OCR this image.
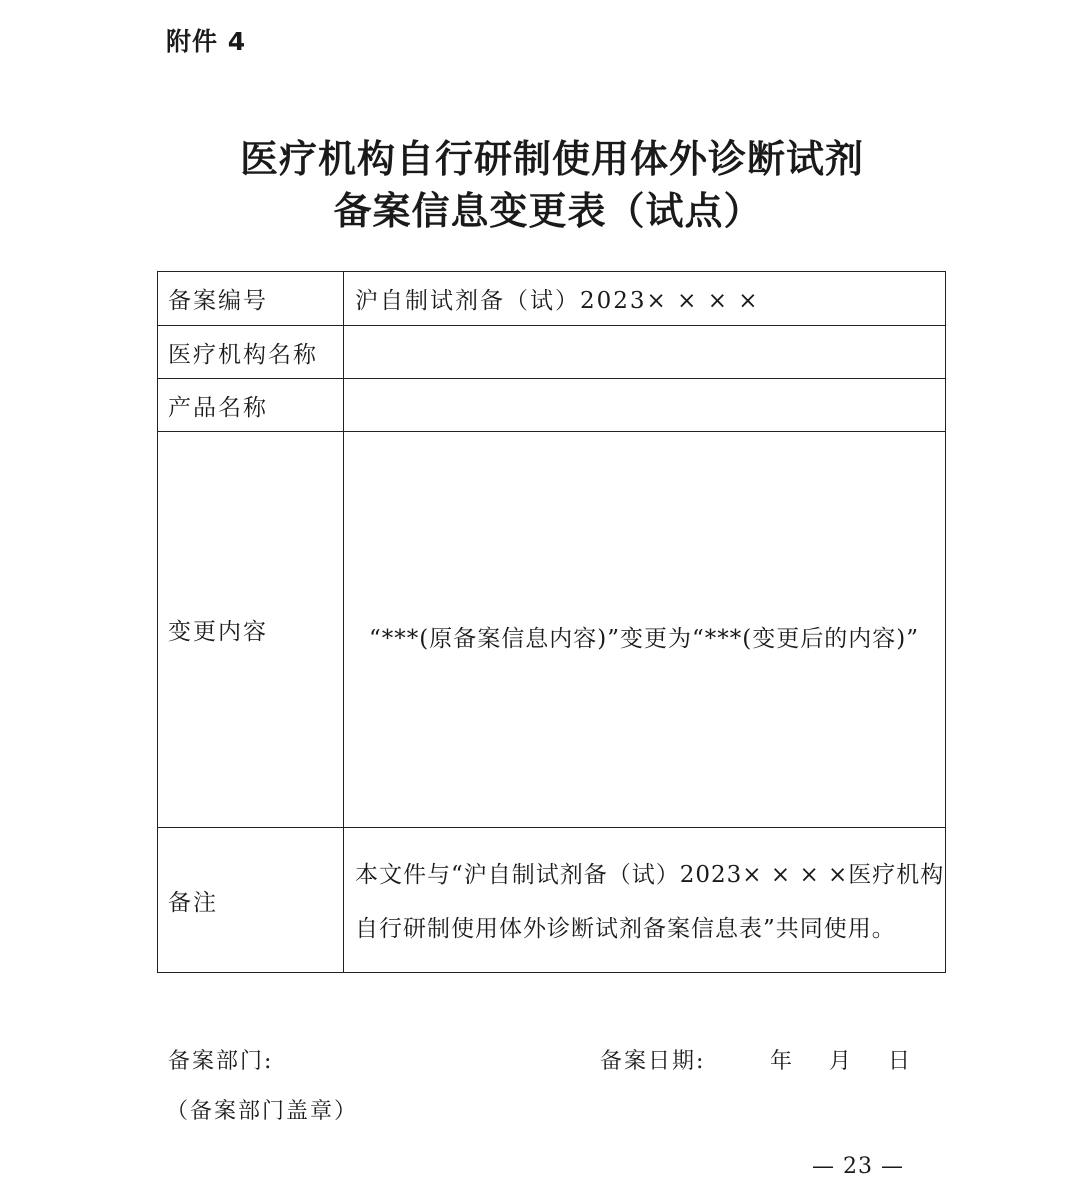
附件 4
医疗机构自行研制使用体外诊断试剂
备案信息变更表（试点）
备案编号	沪自制试剂备（试）2023× × × ×
医疗机构名称	
产品名称	
变更内容	“***(原备案信息内容)”变更为“***(变更后的内容)”

备注	本文件与“沪自制试剂备（试）2023× × × ×医疗机构
自行研制使用体外诊断试剂备案信息表”共同使用。
备案部门:
（备案部门盖章）
备案日期:	年 月 日
— 23 —
